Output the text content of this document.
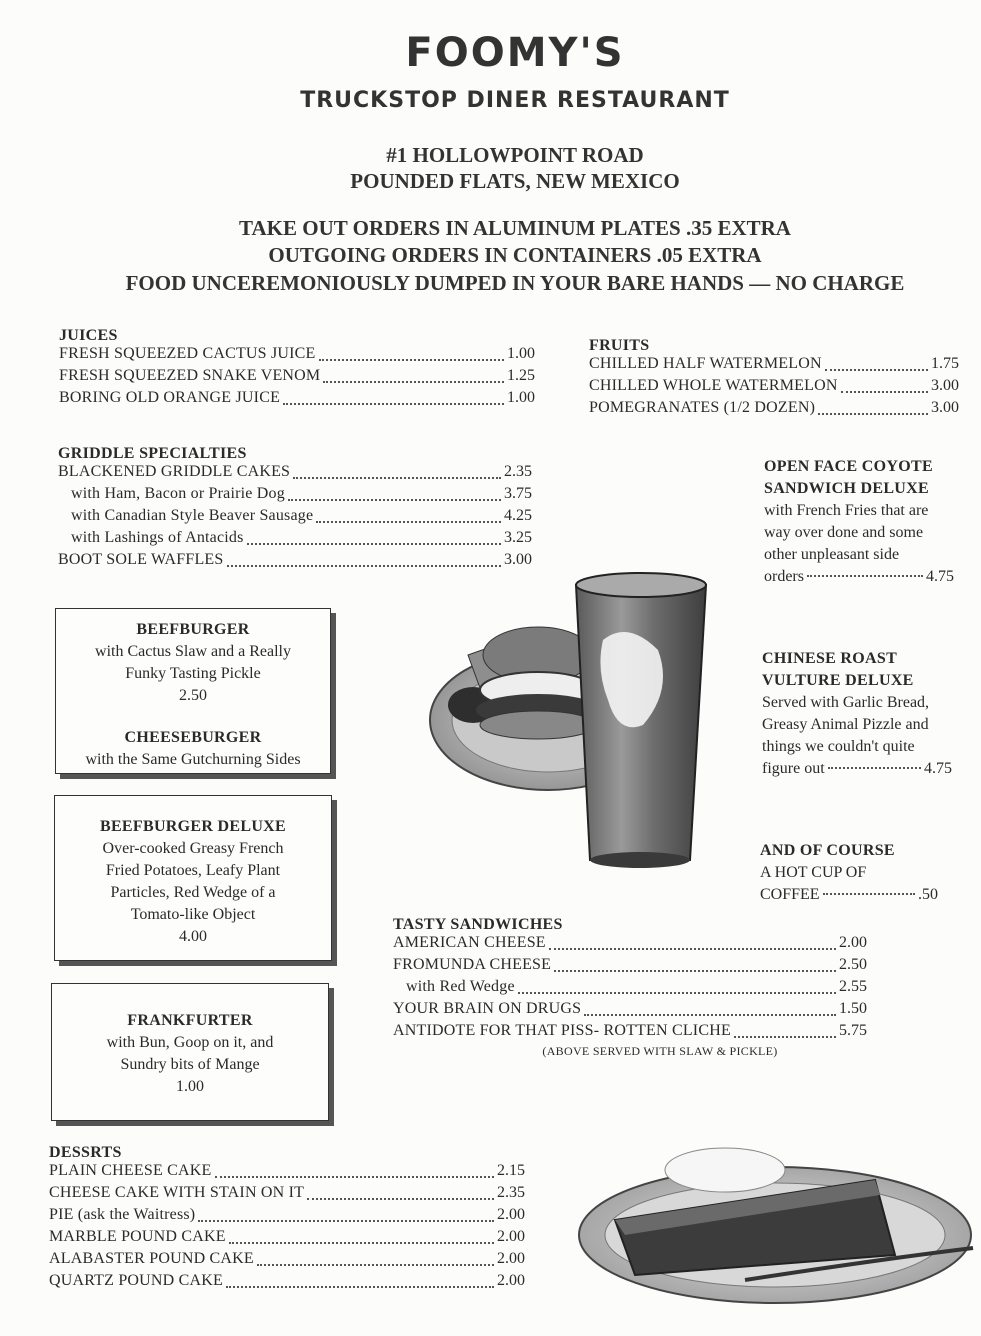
FOOMY'S
TRUCKSTOP DINER RESTAURANT
#1 HOLLOWPOINT ROAD
POUNDED FLATS, NEW MEXICO
TAKE OUT ORDERS IN ALUMINUM PLATES .35 EXTRA
OUTGOING ORDERS IN CONTAINERS .05 EXTRA
FOOD UNCEREMONIOUSLY DUMPED IN YOUR BARE HANDS — NO CHARGE
JUICES
FRESH SQUEEZED CACTUS JUICE	1.00
FRESH SQUEEZED SNAKE VENOM	1.25
BORING OLD ORANGE JUICE	1.00
FRUITS
CHILLED HALF WATERMELON	1.75
CHILLED WHOLE WATERMELON	3.00
POMEGRANATES (1/2 DOZEN)	3.00
GRIDDLE SPECIALTIES
BLACKENED GRIDDLE CAKES	2.35
with Ham, Bacon or Prairie Dog	3.75
with Canadian Style Beaver Sausage	4.25
with Lashings of Antacids	3.25
BOOT SOLE WAFFLES	3.00
BEEFBURGER
with Cactus Slaw and a Really
Funky Tasting Pickle
2.50
CHEESEBURGER
with the Same Gutchurning Sides
BEEFBURGER DELUXE
Over-cooked Greasy French
Fried Potatoes, Leafy Plant
Particles, Red Wedge of a
Tomato-like Object
4.00
FRANKFURTER
with Bun, Goop on it, and
Sundry bits of Mange
1.00
OPEN FACE COYOTE
SANDWICH DELUXE
with French Fries that are
way over done and some
other unpleasant side
orders	4.75
CHINESE ROAST
VULTURE DELUXE
Served with Garlic Bread,
Greasy Animal Pizzle and
things we couldn't quite
figure out	4.75
AND OF COURSE
A HOT CUP OF
COFFEE	.50
TASTY SANDWICHES
AMERICAN CHEESE	2.00
FROMUNDA CHEESE	2.50
with Red Wedge	2.55
YOUR BRAIN ON DRUGS	1.50
ANTIDOTE FOR THAT PISS- ROTTEN CLICHE	5.75
(ABOVE SERVED WITH SLAW & PICKLE)
DESSRTS
PLAIN CHEESE CAKE	2.15
CHEESE CAKE WITH STAIN ON IT	2.35
PIE (ask the Waitress)	2.00
MARBLE POUND CAKE	2.00
ALABASTER POUND CAKE	2.00
QUARTZ POUND CAKE	2.00
